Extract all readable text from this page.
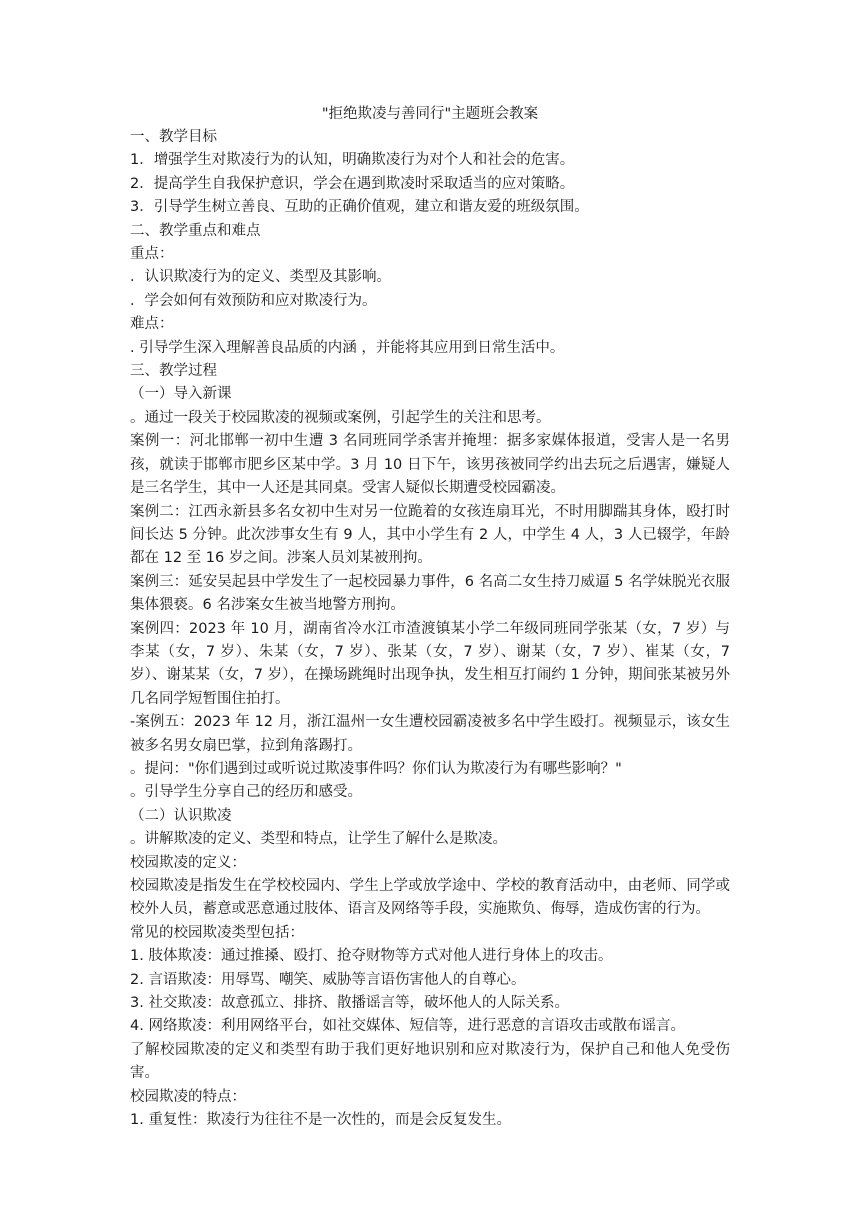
"拒绝欺凌与善同行"主题班会教案

一、教学目标

1．增强学生对欺凌行为的认知，明确欺凌行为对个人和社会的危害。

2．提高学生自我保护意识，学会在遇到欺凌时采取适当的应对策略。

3．引导学生树立善良、互助的正确价值观，建立和谐友爱的班级氛围。

二、教学重点和难点

重点：

．认识欺凌行为的定义、类型及其影响。

．学会如何有效预防和应对欺凌行为。

难点：

. 引导学生深入理解善良品质的内涵 ，并能将其应用到日常生活中。

三、教学过程

（一）导入新课

。通过一段关于校园欺凌的视频或案例，引起学生的关注和思考。

案例一：河北邯郸一初中生遭 3 名同班同学杀害并掩埋：据多家媒体报道，受害人是一名男孩，就读于邯郸市肥乡区某中学。3 月 10 日下午，该男孩被同学约出去玩之后遇害，嫌疑人是三名学生，其中一人还是其同桌。受害人疑似长期遭受校园霸凌。

案例二：江西永新县多名女初中生对另一位跪着的女孩连扇耳光，不时用脚踹其身体，殴打时间长达 5 分钟。此次涉事女生有 9 人，其中小学生有 2 人，中学生 4 人，3 人已辍学，年龄都在 12 至 16 岁之间。涉案人员刘某被刑拘。

案例三：延安吴起县中学发生了一起校园暴力事件，6 名高二女生持刀威逼 5 名学妹脱光衣服集体猥亵。6 名涉案女生被当地警方刑拘。

案例四：2023 年 10 月，湖南省冷水江市渣渡镇某小学二年级同班同学张某（女，7 岁）与李某（女，7 岁）、朱某（女，7 岁）、张某（女，7 岁）、谢某（女，7 岁）、崔某（女，7 岁）、谢某某（女，7 岁），在操场跳绳时出现争执，发生相互打闹约 1 分钟，期间张某被另外几名同学短暂围住拍打。

-案例五：2023 年 12 月，浙江温州一女生遭校园霸凌被多名中学生殴打。视频显示，该女生被多名男女扇巴掌，拉到角落踢打。

。提问："你们遇到过或听说过欺凌事件吗？你们认为欺凌行为有哪些影响？"

。引导学生分享自己的经历和感受。

（二）认识欺凌

。讲解欺凌的定义、类型和特点，让学生了解什么是欺凌。

校园欺凌的定义：

校园欺凌是指发生在学校校园内、学生上学或放学途中、学校的教育活动中，由老师、同学或校外人员，蓄意或恶意通过肢体、语言及网络等手段，实施欺负、侮辱，造成伤害的行为。

常见的校园欺凌类型包括：

1. 肢体欺凌：通过推搡、殴打、抢夺财物等方式对他人进行身体上的攻击。

2. 言语欺凌：用辱骂、嘲笑、威胁等言语伤害他人的自尊心。

3. 社交欺凌：故意孤立、排挤、散播谣言等，破坏他人的人际关系。

4. 网络欺凌：利用网络平台，如社交媒体、短信等，进行恶意的言语攻击或散布谣言。

了解校园欺凌的定义和类型有助于我们更好地识别和应对欺凌行为，保护自己和他人免受伤害。

校园欺凌的特点：

1. 重复性：欺凌行为往往不是一次性的，而是会反复发生。
